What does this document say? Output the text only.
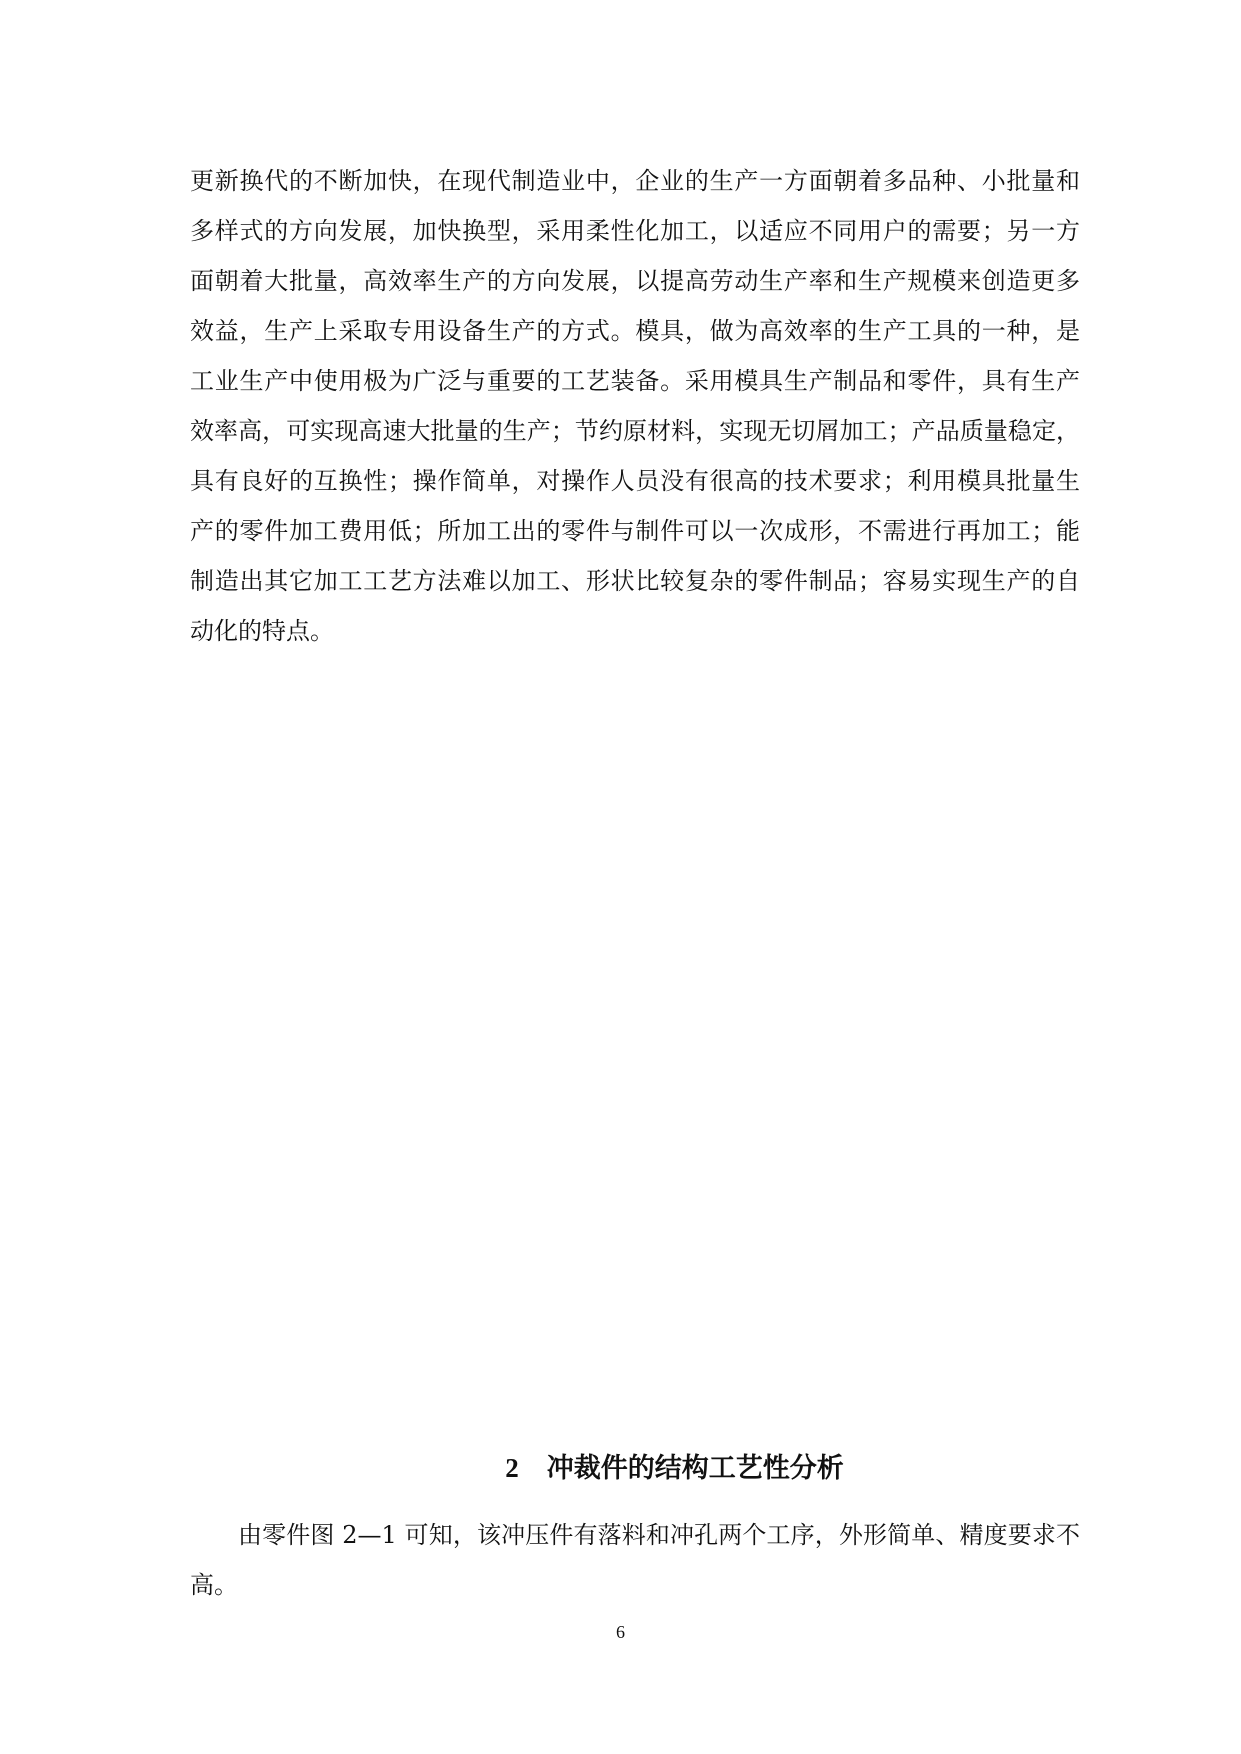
更新换代的不断加快，在现代制造业中，企业的生产一方面朝着多品种、小批量和
多样式的方向发展，加快换型，采用柔性化加工，以适应不同用户的需要；另一方
面朝着大批量，高效率生产的方向发展，以提高劳动生产率和生产规模来创造更多
效益，生产上采取专用设备生产的方式。模具，做为高效率的生产工具的一种，是
工业生产中使用极为广泛与重要的工艺装备。采用模具生产制品和零件，具有生产
效率高，可实现高速大批量的生产；节约原材料，实现无切屑加工；产品质量稳定，
具有良好的互换性；操作简单，对操作人员没有很高的技术要求；利用模具批量生
产的零件加工费用低；所加工出的零件与制件可以一次成形，不需进行再加工；能
制造出其它加工工艺方法难以加工、形状比较复杂的零件制品；容易实现生产的自
动化的特点。
2 冲裁件的结构工艺性分析
由零件图 2—1 可知，该冲压件有落料和冲孔两个工序，外形简单、精度要求不
高。
6
